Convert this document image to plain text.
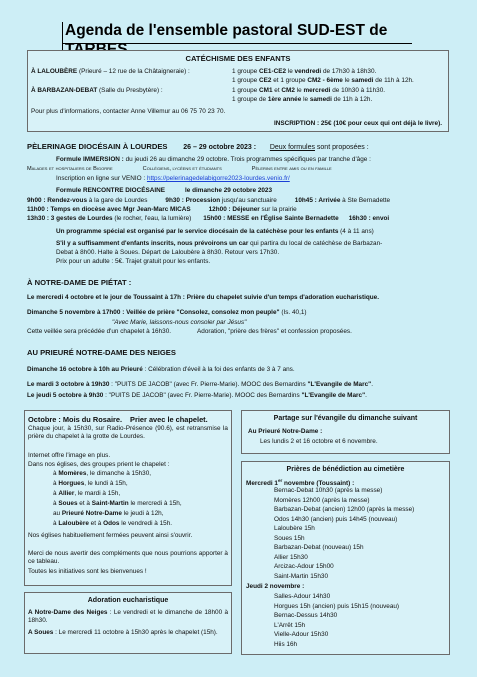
Agenda de l'ensemble pastoral SUD-EST de
CATÉCHISME DES ENFANTS
À LALOUBÈRE (Prieuré – 12 rue de la Châtaigneraie) :	1 groupe CE1-CE2 le vendredi de 17h30 à 18h30.
1 groupe CE2 et 1 groupe CM2 - 6ème le samedi de 11h à 12h.
À BARBAZAN-DEBAT (Salle du Presbytère) :	1 groupe CM1 et CM2 le mercredi de 10h30 à 11h30.
1 groupe de 1ère année le samedi de 11h à 12h.
Pour plus d'informations, contacter Anne Villemur au 06 75 70 23 70.
INSCRIPTION : 25€ (10€ pour ceux qui ont déjà le livre).
PÈLERINAGE DIOCÉSAIN À LOURDES 26 – 29 octobre 2023 : Deux formules sont proposées :
Formule IMMERSION : du jeudi 26 au dimanche 29 octobre. Trois programmes spécifiques par tranche d'âge :
Malades et hospitaliers de Bigorre	Collégiens, lycéens et étudiants	Pèlerins entre amis ou en famille
Inscription en ligne sur VENIO : https://pelerinagedelabigorre2023-lourdes.venio.fr/
Formule RENCONTRE DIOCÉSAINE	le dimanche 29 octobre 2023
9h00 : Rendez-vous à la gare de Lourdes	9h30 : Procession jusqu'au sanctuaire	10h45 : Arrivée à Ste Bernadette
11h00 : Temps en diocèse avec Mgr Jean-Marc MICAS	12h00 : Déjeuner sur la prairie
13h30 : 3 gestes de Lourdes (le rocher, l'eau, la lumière) 15h00 : MESSE en l'Église Sainte Bernadette 16h30 : envoi
Un programme spécial est organisé par le service diocésain de la catéchèse pour les enfants (4 à 11 ans)
S'il y a suffisamment d'enfants inscrits, nous prévoirons un car qui partira du local de catéchèse de Barbazan-
Debat à 8h00. Halte à Soues. Départ de Laloubère à 8h30. Retour vers 17h30.
Prix pour un adulte : 5€. Trajet gratuit pour les enfants.
À NOTRE-DAME DE PIÉTAT :
Le mercredi 4 octobre et le jour de Toussaint à 17h : Prière du chapelet suivie d'un temps d'adoration eucharistique.
Dimanche 5 novembre à 17h00 : Veillée de prière "Consolez, consolez mon peuple" (Is. 40,1)
"Avec Marie, laissons-nous consoler par Jésus"
Cette veillée sera précédée d'un chapelet à 16h30.	Adoration, "prière des frères" et confession proposées.
AU PRIEURÉ NOTRE-DAME DES NEIGES
Dimanche 16 octobre à 10h au Prieuré : Célébration d'éveil à la foi des enfants de 3 à 7 ans.
Le mardi 3 octobre à 19h30 : "PUITS DE JACOB" (avec Fr. Pierre-Marie). MOOC des Bernardins "L'Evangile de Marc".
Le jeudi 5 octobre à 9h30 : "PUITS DE JACOB" (avec Fr. Pierre-Marie). MOOC des Bernardins "L'Evangile de Marc".
Octobre : Mois du Rosaire. Prier avec le chapelet.
Chaque jour, à 15h30, sur Radio-Présence (90.6), est retransmise la prière du chapelet à la grotte de Lourdes.
Internet offre l'image en plus.
Dans nos églises, des groupes prient le chapelet :
à Momères, le dimanche à 15h30,
à Horgues, le lundi à 15h,
à Allier, le mardi à 15h,
à Soues et à Saint-Martin le mercredi à 15h,
au Prieuré Notre-Dame le jeudi à 12h,
à Laloubère et à Odos le vendredi à 15h.
Nos églises habituellement fermées peuvent ainsi s'ouvrir.
Merci de nous avertir des compléments que nous pourrions apporter à ce tableau.
Toutes les initiatives sont les bienvenues !
Adoration eucharistique
A Notre-Dame des Neiges : Le vendredi et le dimanche de 18h00 à 18h30.
A Soues : Le mercredi 11 octobre à 15h30 après le chapelet (15h).
Partage sur l'évangile du dimanche suivant
Au Prieuré Notre-Dame :
Les lundis 2 et 16 octobre et 6 novembre.
Prières de bénédiction au cimetière
Mercredi 1er novembre (Toussaint) :
Bernac-Debat 10h30 (après la messe)
Momères 12h00 (après la messe)
Barbazan-Debat (ancien) 12h00 (après la messe)
Odos 14h30 (ancien) puis 14h45 (nouveau)
Laloubère 15h
Soues 15h
Barbazan-Debat (nouveau) 15h
Allier 15h30
Arcizac-Adour 15h00
Saint-Martin 15h30
Jeudi 2 novembre :
Salles-Adour 14h30
Horgues 15h (ancien) puis 15h15 (nouveau)
Bernac-Dessus 14h30
L'Arrêt 15h
Vielle-Adour 15h30
Hiis 16h
